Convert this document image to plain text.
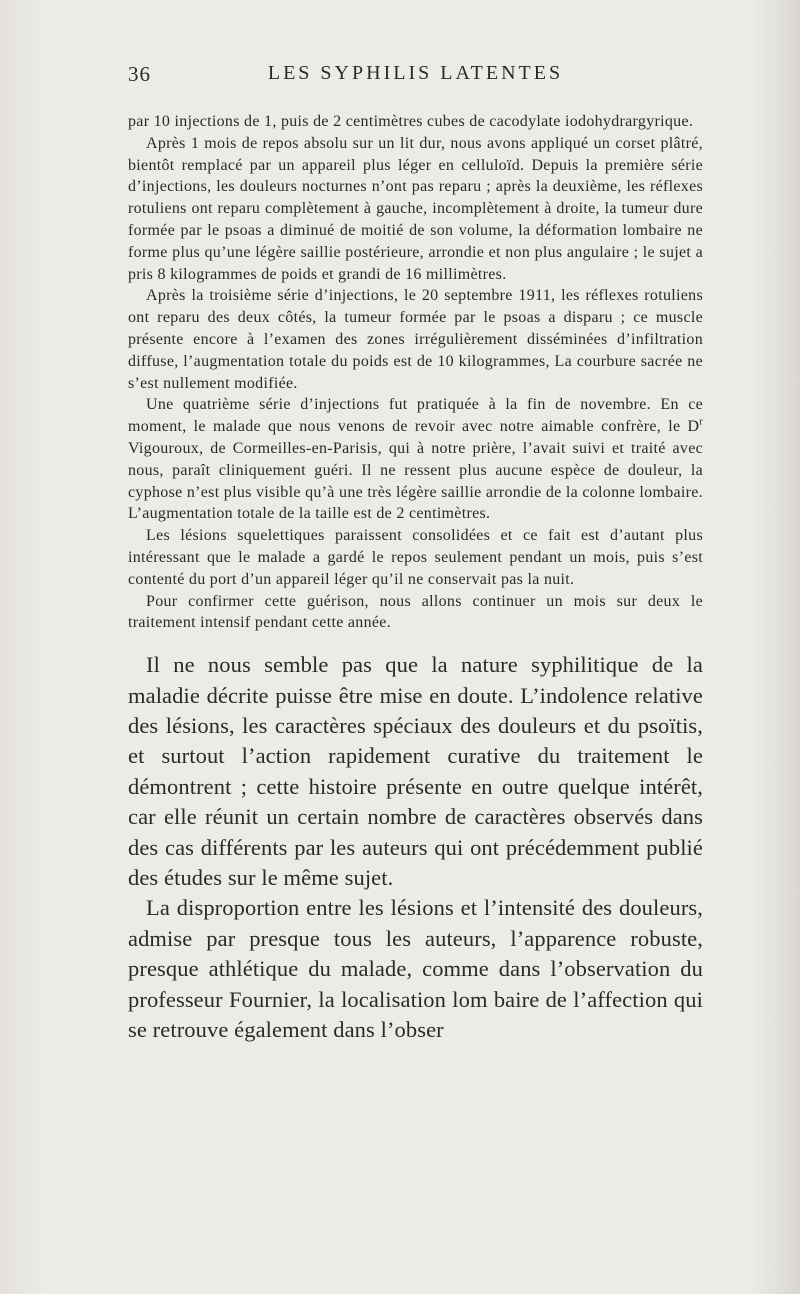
36	LES SYPHILIS LATENTES

par 10 injections de 1, puis de 2 centimètres cubes de cacodylate iodohydrargyrique.

Après 1 mois de repos absolu sur un lit dur, nous avons appliqué un corset plâtré, bientôt remplacé par un appareil plus léger en celluloïd. Depuis la première série d’injections, les douleurs nocturnes n’ont pas reparu ; après la deuxième, les réflexes rotuliens ont reparu complètement à gauche, incomplètement à droite, la tumeur dure formée par le psoas a diminué de moitié de son volume, la déformation lombaire ne forme plus qu’une légère saillie postérieure, arrondie et non plus angulaire ; le sujet a pris 8 kilogrammes de poids et grandi de 16 millimètres.

Après la troisième série d’injections, le 20 septembre 1911, les réflexes rotuliens ont reparu des deux côtés, la tumeur formée par le psoas a disparu ; ce muscle présente encore à l’examen des zones irrégulièrement disséminées d’infiltration diffuse, l’augmentation totale du poids est de 10 kilogrammes, La courbure sacrée ne s’est nullement modifiée.

Une quatrième série d’injections fut pratiquée à la fin de novembre. En ce moment, le malade que nous venons de revoir avec notre aimable confrère, le $D^r$ Vigouroux, de Cormeilles-en-Parisis, qui à notre prière, l’avait suivi et traité avec nous, paraît cliniquement guéri. Il ne ressent plus aucune espèce de douleur, la cyphose n’est plus visible qu’à une très légère saillie arrondie de la colonne lombaire. L’augmentation totale de la taille est de 2 centimètres.

Les lésions squelettiques paraissent consolidées et ce fait est d’autant plus intéressant que le malade a gardé le repos seulement pendant un mois, puis s’est contenté du port d’un appareil léger qu’il ne conservait pas la nuit.

Pour confirmer cette guérison, nous allons continuer un mois sur deux le traitement intensif pendant cette année.

Il ne nous semble pas que la nature syphilitique de la maladie décrite puisse être mise en doute. L’indolence relative des lésions, les caractères spéciaux des douleurs et du psoïtis, et surtout l’action rapidement curative du traitement le démontrent ; cette histoire présente en outre quelque intérêt, car elle réunit un certain nombre de caractères observés dans des cas différents par les auteurs qui ont précédemment publié des études sur le même sujet.

La disproportion entre les lésions et l’intensité des douleurs, admise par presque tous les auteurs, l’apparence robuste, presque athlétique du malade, comme dans l’observation du professeur Fournier, la localisation lom baire de l’affection qui se retrouve également dans l’obser
